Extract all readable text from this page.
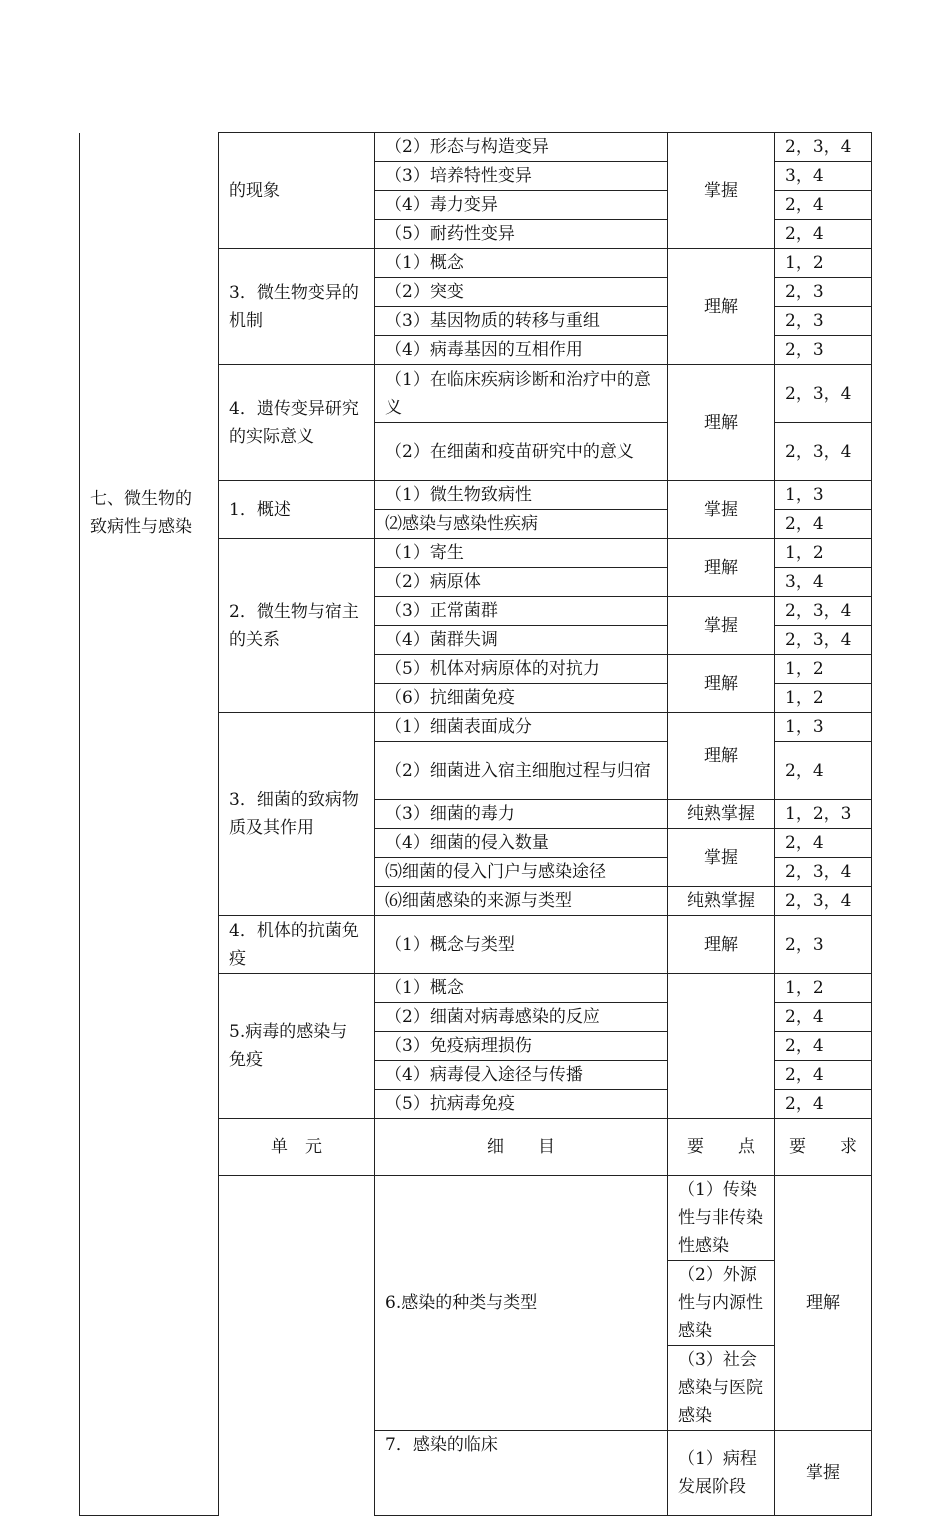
七、微生物的致病性与感染	的现象	（2）形态与构造变异	掌握	2，3，4	
		（3）培养特性变异		3，4	
		（4）毒力变异		2，4	
		（5）耐药性变异		2，4	
	3．微生物变异的机制	（1）概念	理解	1，2	
		（2）突变		2，3	
		（3）基因物质的转移与重组		2，3	
		（4）病毒基因的互相作用		2，3	
	4．遗传变异研究的实际意义	（1）在临床疾病诊断和治疗中的意义	理解	2，3，4	
		（2）在细菌和疫苗研究中的意义		2，3，4	
	1．概述	（1）微生物致病性	掌握	1，3	
		⑵感染与感染性疾病		2，4	
	2．微生物与宿主的关系	（1）寄生	理解	1，2	
		（2）病原体		3，4	
		（3）正常菌群	掌握	2，3，4	
		（4）菌群失调		2，3，4	
		（5）机体对病原体的对抗力	理解	1，2	
		（6）抗细菌免疫		1，2	
	3．细菌的致病物质及其作用	（1）细菌表面成分	理解	1，3	
		（2）细菌进入宿主细胞过程与归宿		2，4	
		（3）细菌的毒力	纯熟掌握	1，2，3	
		（4）细菌的侵入数量	掌握	2，4	
		⑸细菌的侵入门户与感染途径		2，3，4	
		⑹细菌感染的来源与类型	纯熟掌握	2，3，4	
	4．机体的抗菌免疫	（1）概念与类型	理解	2，3	
	5.病毒的感染与免疫	（1）概念		1，2	
		（2）细菌对病毒感染的反应		2，4	
		（3）免疫病理损伤		2，4	
		（4）病毒侵入途径与传播		2，4	
		（5）抗病毒免疫		2，4	
	单　元	细　　目	要　　点	要　　求	
		6.感染的种类与类型	（1）传染性与非传染性感染	理解	
			（2）外源性与内源性感染	
			（3）社会感染与医院感染	
		7．感染的临床	（1）病程发展阶段	掌握	
